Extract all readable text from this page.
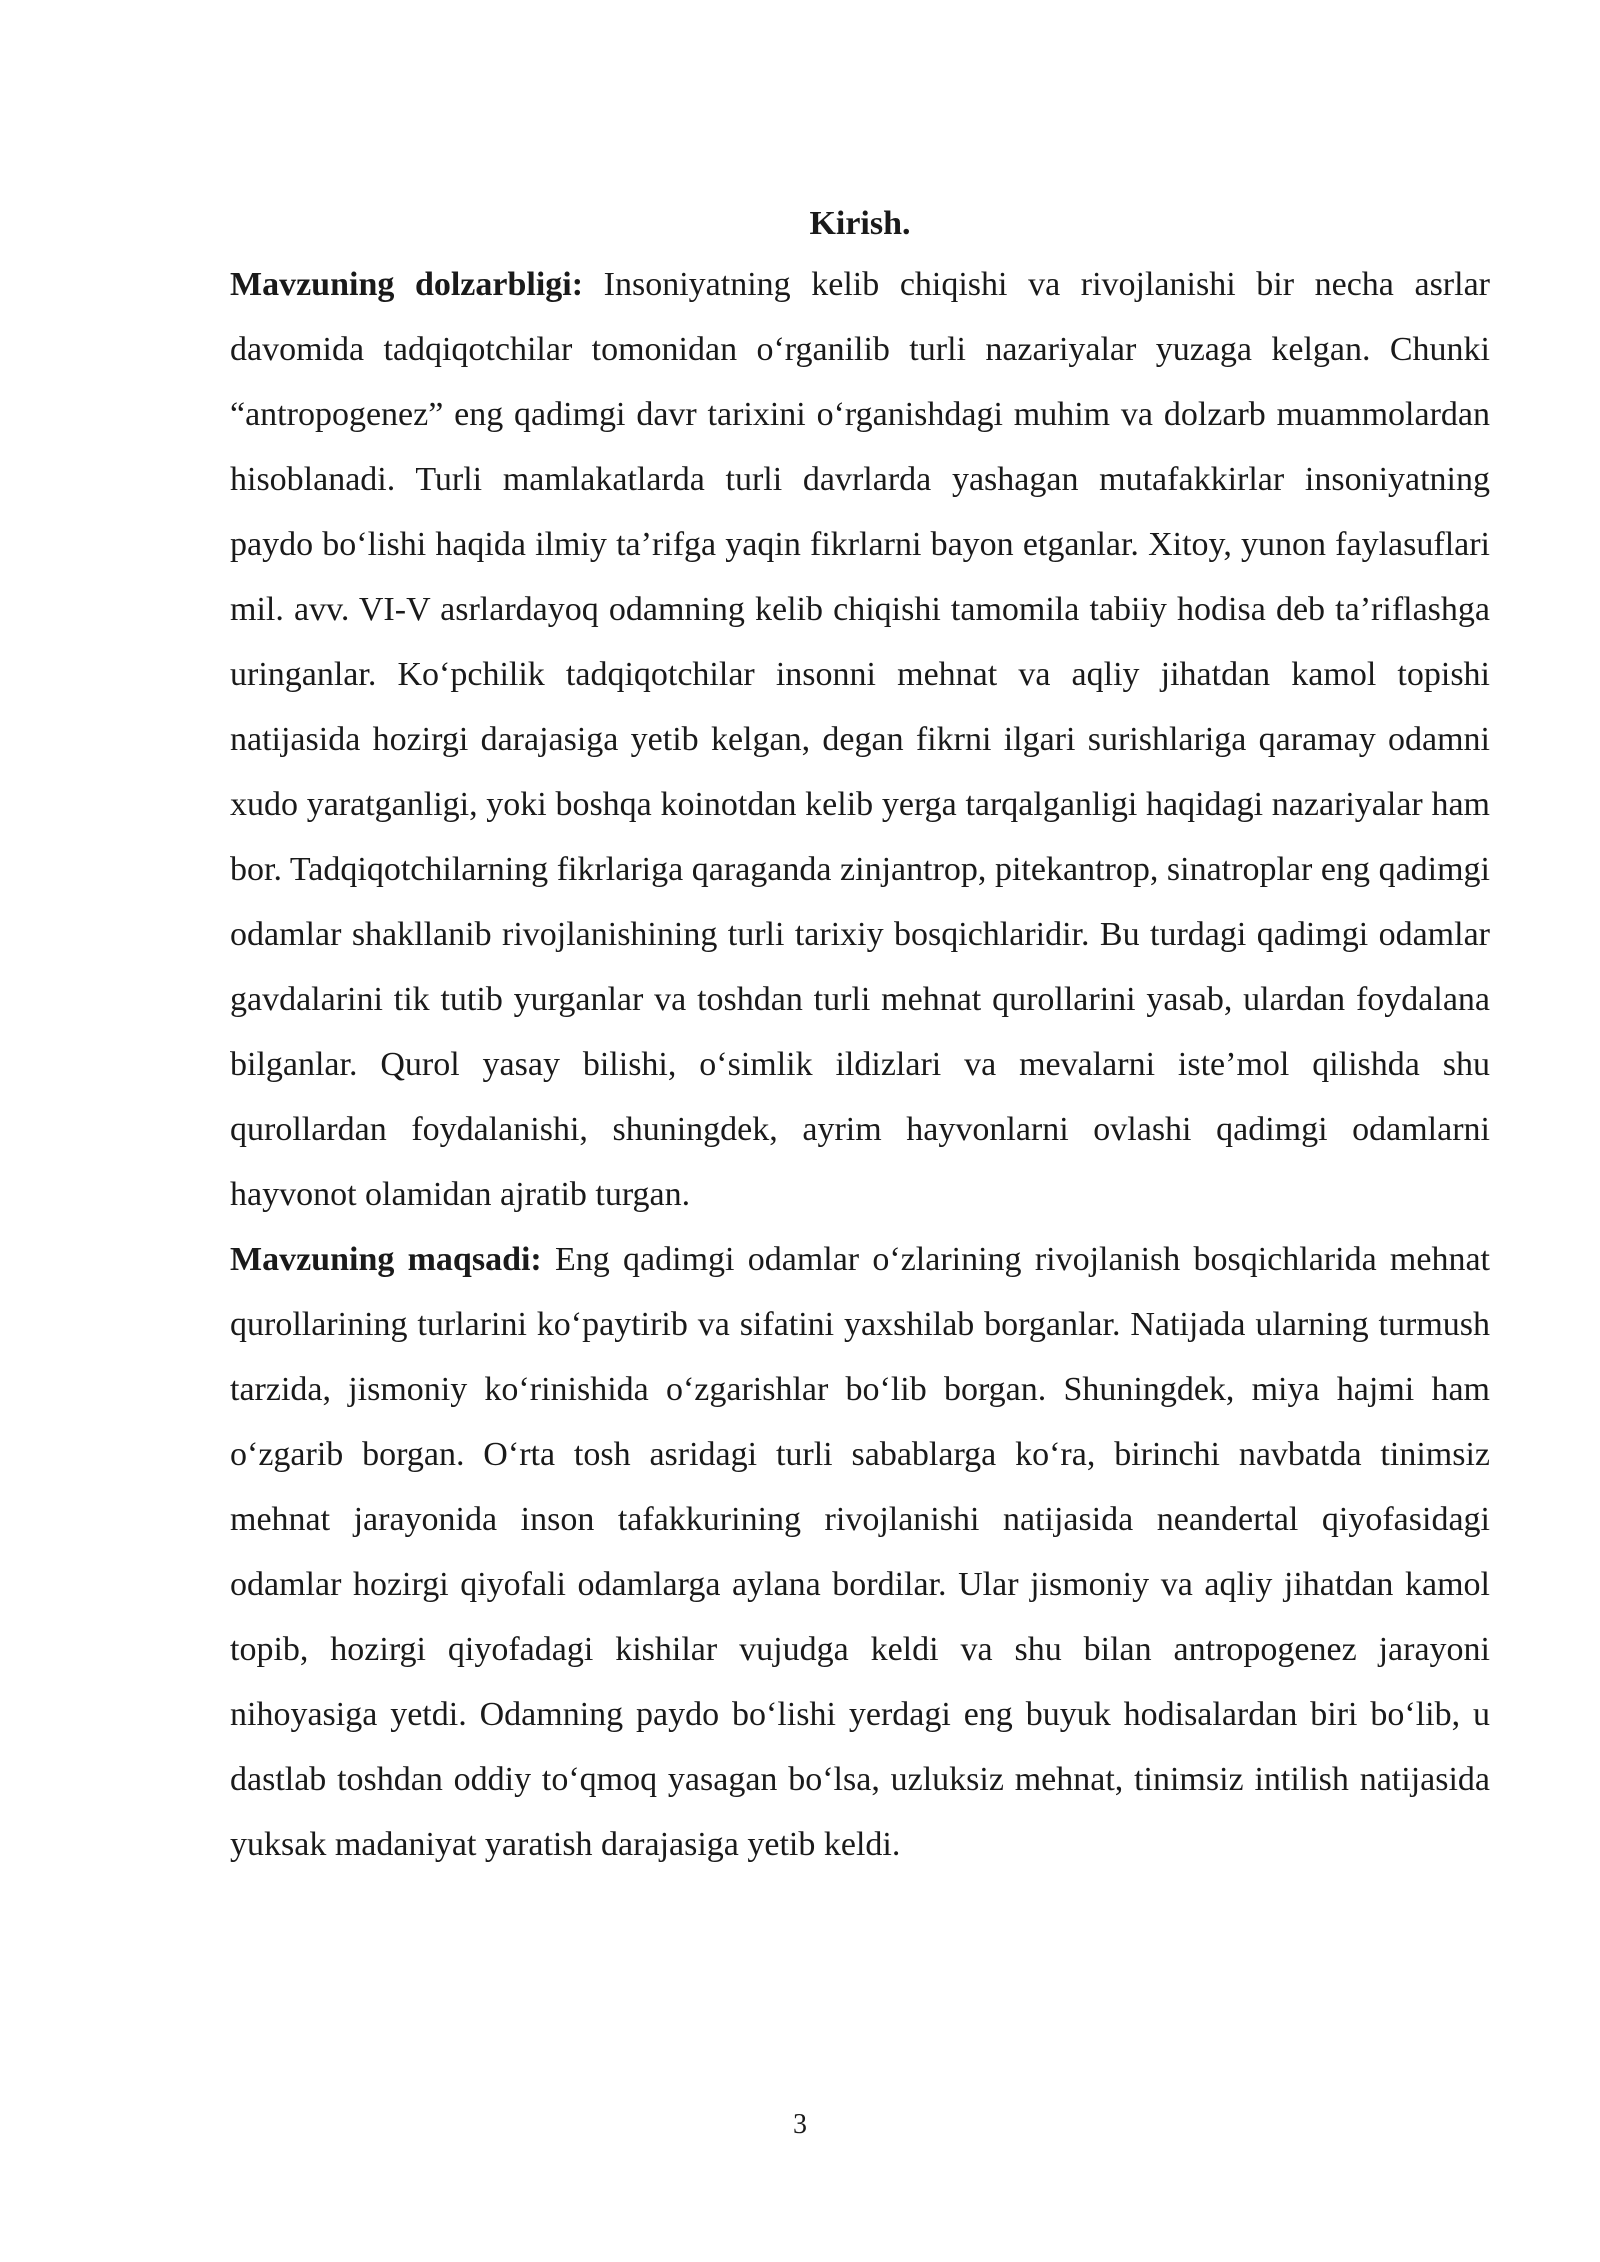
Kirish.

Mavzuning dolzarbligi: Insoniyatning kelib chiqishi va rivojlanishi bir necha asrlar davomida tadqiqotchilar tomonidan o‘rganilib turli nazariyalar yuzaga kelgan. Chunki “antropogenez” eng qadimgi davr tarixini o‘rganishdagi muhim va dolzarb muammolardan hisoblanadi. Turli mamlakatlarda turli davrlarda yashagan mutafakkirlar insoniyatning paydo bo‘lishi haqida ilmiy ta’rifga yaqin fikrlarni bayon etganlar. Xitoy, yunon faylasuflari mil. avv. VI-V asrlardayoq odamning kelib chiqishi tamomila tabiiy hodisa deb ta’riflashga uringanlar. Ko‘pchilik tadqiqotchilar insonni mehnat va aqliy jihatdan kamol topishi natijasida hozirgi darajasiga yetib kelgan, degan fikrni ilgari surishlariga qaramay odamni xudo yaratganligi, yoki boshqa koinotdan kelib yerga tarqalganligi haqidagi nazariyalar ham bor. Tadqiqotchilarning fikrlariga qaraganda zinjantrop, pitekantrop, sinatroplar eng qadimgi odamlar shakllanib rivojlanishining turli tarixiy bosqichlaridir. Bu turdagi qadimgi odamlar gavdalarini tik tutib yurganlar va toshdan turli mehnat qurollarini yasab, ulardan foydalana bilganlar. Qurol yasay bilishi, o‘simlik ildizlari va mevalarni iste’mol qilishda shu qurollardan foydalanishi, shuningdek, ayrim hayvonlarni ovlashi qadimgi odamlarni hayvonot olamidan ajratib turgan.

Mavzuning maqsadi: Eng qadimgi odamlar o‘zlarining rivojlanish bosqichlarida mehnat qurollarining turlarini ko‘paytirib va sifatini yaxshilab borganlar. Natijada ularning turmush tarzida, jismoniy ko‘rinishida o‘zgarishlar bo‘lib borgan. Shuningdek, miya hajmi ham o‘zgarib borgan. O‘rta tosh asridagi turli sabablarga ko‘ra, birinchi navbatda tinimsiz mehnat jarayonida inson tafakkurining rivojlanishi natijasida neandertal qiyofasidagi odamlar hozirgi qiyofali odamlarga aylana bordilar. Ular jismoniy va aqliy jihatdan kamol topib, hozirgi qiyofadagi kishilar vujudga keldi va shu bilan antropogenez jarayoni nihoyasiga yetdi. Odamning paydo bo‘lishi yerdagi eng buyuk hodisalardan biri bo‘lib, u dastlab toshdan oddiy to‘qmoq yasagan bo‘lsa, uzluksiz mehnat, tinimsiz intilish natijasida yuksak madaniyat yaratish darajasiga yetib keldi.

3
